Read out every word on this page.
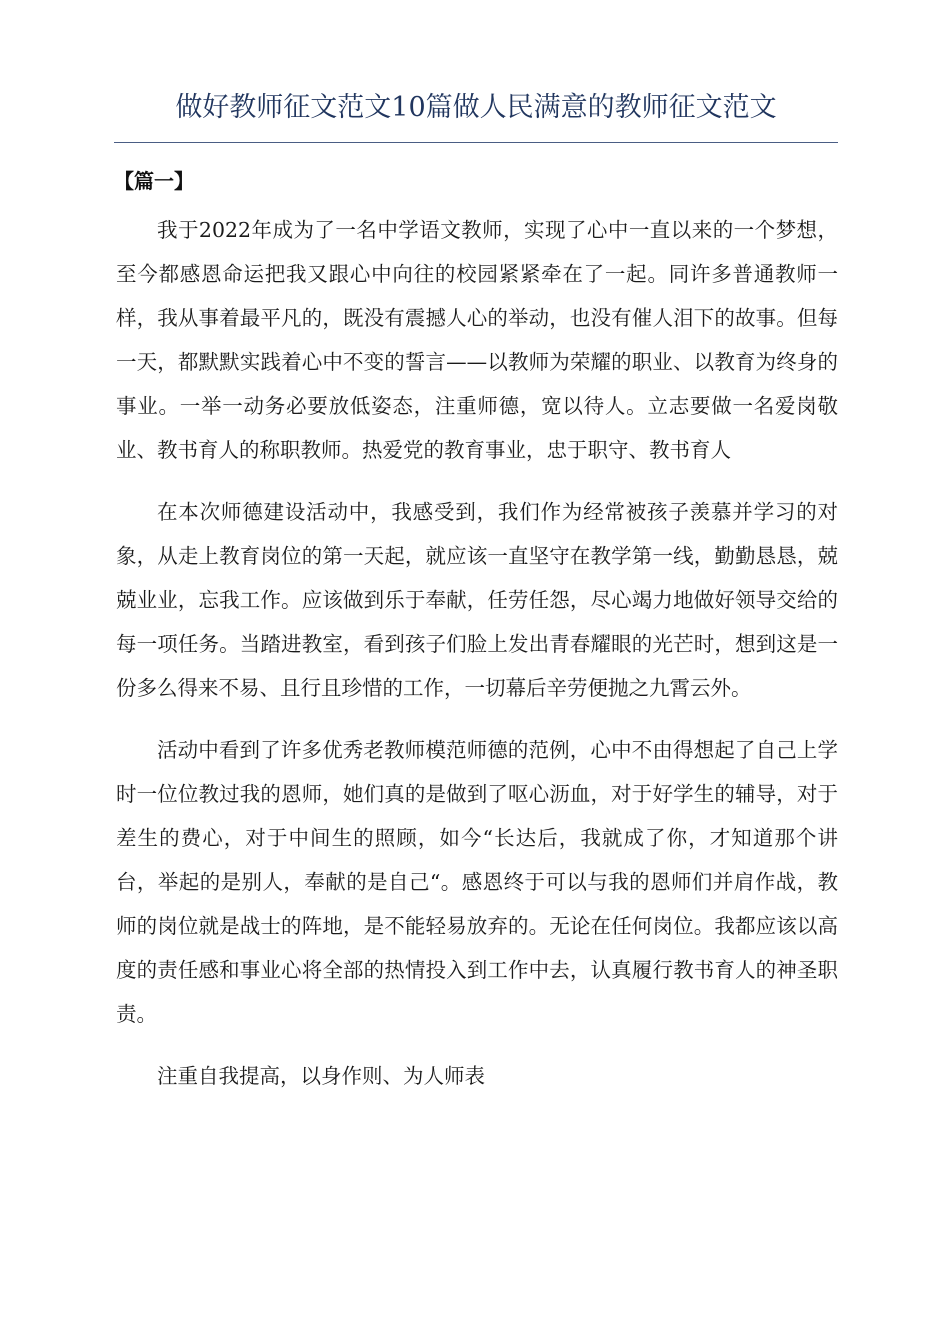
做好教师征文范文10篇做人民满意的教师征文范文
【篇一】

我于2022年成为了一名中学语文教师，实现了心中一直以来的一个梦想，至今都感恩命运把我又跟心中向往的校园紧紧牵在了一起。同许多普通教师一样，我从事着最平凡的，既没有震撼人心的举动，也没有催人泪下的故事。但每一天，都默默实践着心中不变的誓言——以教师为荣耀的职业、以教育为终身的事业。一举一动务必要放低姿态，注重师德，宽以待人。立志要做一名爱岗敬业、教书育人的称职教师。热爱党的教育事业，忠于职守、教书育人

在本次师德建设活动中，我感受到，我们作为经常被孩子羡慕并学习的对象，从走上教育岗位的第一天起，就应该一直坚守在教学第一线，勤勤恳恳，兢兢业业，忘我工作。应该做到乐于奉献，任劳任怨，尽心竭力地做好领导交给的每一项任务。当踏进教室，看到孩子们脸上发出青春耀眼的光芒时，想到这是一份多么得来不易、且行且珍惜的工作，一切幕后辛劳便抛之九霄云外。

活动中看到了许多优秀老教师模范师德的范例，心中不由得想起了自己上学时一位位教过我的恩师，她们真的是做到了呕心沥血，对于好学生的辅导，对于差生的费心，对于中间生的照顾，如今“长达后，我就成了你，才知道那个讲台，举起的是别人，奉献的是自己“。感恩终于可以与我的恩师们并肩作战，教师的岗位就是战士的阵地，是不能轻易放弃的。无论在任何岗位。我都应该以高度的责任感和事业心将全部的热情投入到工作中去，认真履行教书育人的神圣职责。

注重自我提高，以身作则、为人师表
